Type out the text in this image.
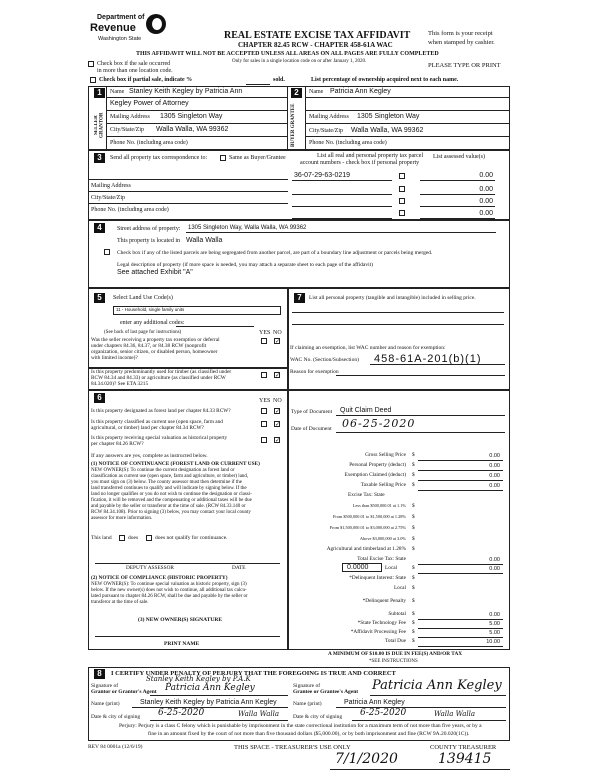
Department of
Revenue
Washington State	REAL ESTATE EXCISE TAX AFFIDAVIT
CHAPTER 82.45 RCW - CHAPTER 458-61A WAC
THIS AFFIDAVIT WILL NOT BE ACCEPTED UNLESS ALL AREAS ON ALL PAGES ARE FULLY COMPLETED
This form is your receipt
when stamped by cashier.
PLEASE TYPE OR PRINT
Check box if the sale occurred
in more than one location code.
Only for sales in a single location code on or after January 1, 2020.
Check box if partial sale, indicate %	sold.	List percentage of ownership acquired next to each name.
1
SELLER GRANTOR
Name Stanley Keith Kegley by Patricia Ann
Kegley Power of Attorney
Mailing Address 1305 Singleton Way
City/State/Zip Walla Walla, WA 99362
Phone No. (including area code)
2
BUYER GRANTEE
Name Patricia Ann Kegley
Mailing Address 1305 Singleton Way
City/State/Zip Walla Walla, WA 99362
Phone No. (including area code)
3	Send all property tax correspondence to:	Same as Buyer/Grantee
Mailing Address
City/State/Zip
Phone No. (including area code)
List all real and personal property tax parcel
account numbers - check box if personal property
List assessed value(s)
36-07-29-63-0219	0.00
0.00
0.00
0.00
4	Street address of property: 1305 Singleton Way, Walla Walla, WA 99362
This property is located in Walla Walla
Check box if any of the listed parcels are being segregated from another parcel, are part of a boundary line adjustment or parcels being merged.
Legal description of property (if more space is needed, you may attach a separate sheet to each page of the affidavit)
See attached Exhibit "A"
5	Select Land Use Code(s)
11 - Household, single family units
enter any additional codes:
(See back of last page for instructions)	YES NO
Was the seller receiving a property tax exemption or deferral
under chapters 84.36, 84.37, or 84.38 RCW (nonprofit
organization, senior citizen, or disabled person, homeowner
with limited income)?
✓
Is this property predominantly used for timber (as classified under
RCW 84.34 and 84.33) or agriculture (as classified under RCW
84.34.020)? See ETA 3215
✓
7	List all personal property (tangible and intangible) included in selling price.
If claiming an exemption, list WAC number and reason for exemption:
WAC No. (Section/Subsection) 458-61A-201(b)(1)
Reason for exemption
6	YES NO
Is this property designated as forest land per chapter 84.33 RCW?	✓
Is this property classified as current use (open space, farm and
agricultural, or timber) land per chapter 84.34 RCW?	✓
Is this property receiving special valuation as historical property
per chapter 84.26 RCW?	✓
If any answers are yes, complete as instructed below.
(1) NOTICE OF CONTINUANCE (FOREST LAND OR CURRENT USE)
NEW OWNER(S): To continue the current designation as forest land or
classification as current use (open space, farm and agriculture, or timber) land,
you must sign on (3) below. The county assessor must then determine if the
land transferred continues to qualify and will indicate by signing below. If the
land no longer qualifies or you do not wish to continue the designation or classi-
fication, it will be removed and the compensating or additional taxes will be due
and payable by the seller or transferor at the time of sale. (RCW 84.33.140 or
RCW 84.34.108). Prior to signing (3) below, you may contact your local county
assessor for more information.
This land	does	does not qualify for continuance.
DEPUTY ASSESSOR	DATE
(2) NOTICE OF COMPLIANCE (HISTORIC PROPERTY)
NEW OWNER(S): To continue special valuation as historic property, sign (3)
below. If the new owner(s) does not wish to continue, all additional tax calcu-
lated pursuant to chapter 84.26 RCW, shall be due and payable by the seller or
transferor at the time of sale.
(3) NEW OWNER(S) SIGNATURE
PRINT NAME
Type of Document Quit Claim Deed
Date of Document 06-25-2020
Gross Selling Price $	0.00
Personal Property (deduct) $	0.00
Exemption Claimed (deduct) $	0.00
Taxable Selling Price $	0.00
Excise Tax: State
Less than $500,000.01 at 1.1% $
From $500,000.01 to $1,500,000 at 1.28% $
From $1,500,000.01 to $3,000,000 at 2.75% $
Above $3,000,000 at 3.0% $
Agricultural and timberland at 1.28% $
Total Excise Tax: State	0.00
0.0000	Local	$	0.00
*Delinquent Interest: State $
Local $
*Delinquent Penalty $
Subtotal $	0.00
*State Technology Fee $	5.00
*Affidavit Processing Fee $	5.00
Total Due $	10.00
A MINIMUM OF $10.00 IS DUE IN FEE(S) AND/OR TAX
*SEE INSTRUCTIONS
8	I CERTIFY UNDER PENALTY OF PERJURY THAT THE FOREGOING IS TRUE AND CORRECT
Signature of
Grantor or Grantor's Agent
Stanley Keith Kegley by P.A.K
Patricia Ann Kegley	Signature of
Grantee or Grantee's Agent Patricia Ann Kegley
Name (print)	Stanley Keith Kegley by Patricia Ann Kegley	Name (print)	Patricia Ann Kegley
Date & city of signing 6-25-2020	Walla Walla	Date & city of signing 6-25-2020	Walla Walla
Perjury: Perjury is a class C felony which is punishable by imprisonment in the state correctional institution for a maximum term of not more than five years, or by a
fine in an amount fixed by the court of not more than five thousand dollars ($5,000.00), or by both imprisonment and fine (RCW 9A.20.020(1C)).
REV 84 0001a (12/6/19)	THIS SPACE - TREASURER'S USE ONLY	COUNTY TREASURER
7/1/2020	139415
